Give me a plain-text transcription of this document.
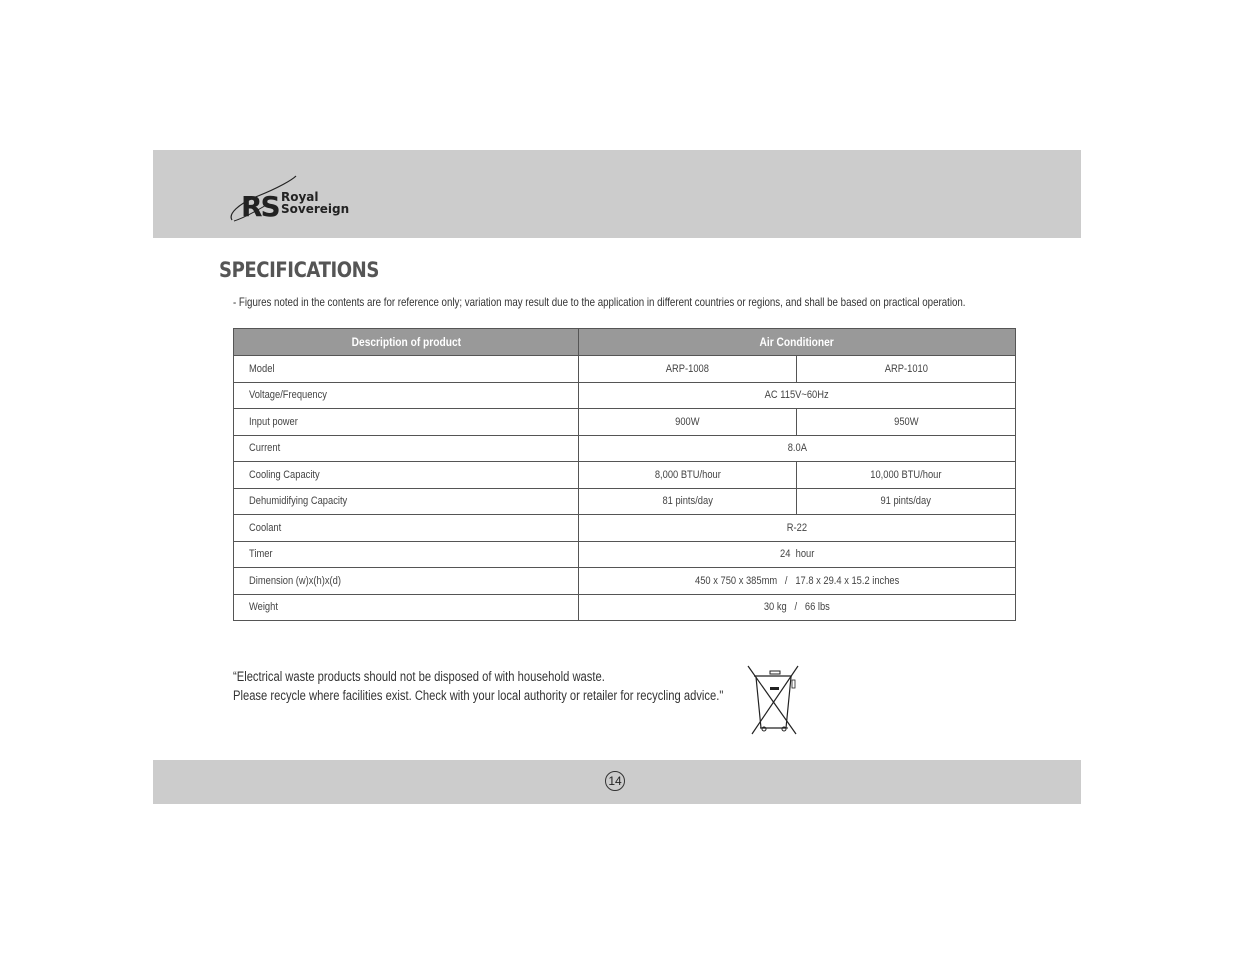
RS Royal
Sovereign
SPECIFICATIONS
- Figures noted in the contents are for reference only; variation may result due to the application in different countries or regions, and shall be based on practical operation.
Description of product	Air Conditioner	
Model	ARP-1008	ARP-1010
Voltage/Frequency	AC 115V~60Hz	
Input power	900W	950W
Current	8.0A	
Cooling Capacity	8,000 BTU/hour	10,000 BTU/hour
Dehumidifying Capacity	81 pints/day	91 pints/day
Coolant	R-22	
Timer	24  hour	
Dimension (w)x(h)x(d)	450 x 750 x 385mm   /   17.8 x 29.4 x 15.2 inches	
Weight	30 kg   /   66 lbs	
“Electrical waste products should not be disposed of with household waste.
Please recycle where facilities exist. Check with your local authority or retailer for recycling advice."
14
